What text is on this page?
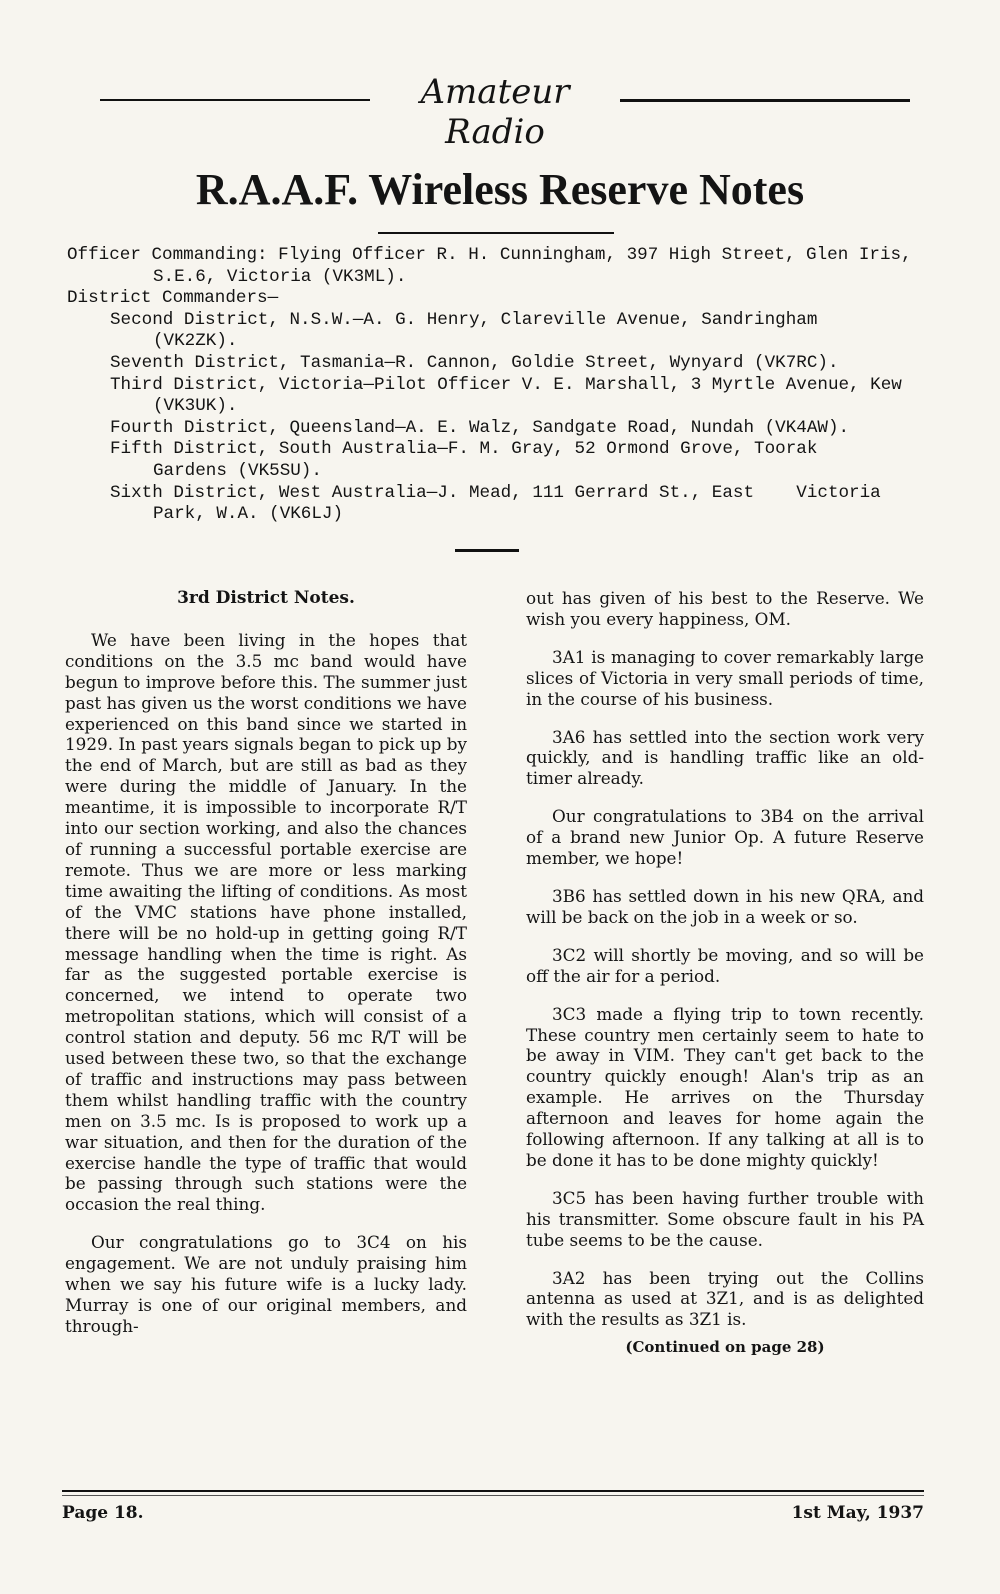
Amateur Radio
R.A.A.F. Wireless Reserve Notes
Officer Commanding: Flying Officer R. H. Cunningham, 397 High Street, Glen Iris,
S.E.6, Victoria (VK3ML).
District Commanders—
Second District, N.S.W.—A. G. Henry, Clareville Avenue, Sandringham
(VK2ZK).
Seventh District, Tasmania—R. Cannon, Goldie Street, Wynyard (VK7RC).
Third District, Victoria—Pilot Officer V. E. Marshall, 3 Myrtle Avenue, Kew
(VK3UK).
Fourth District, Queensland—A. E. Walz, Sandgate Road, Nundah (VK4AW).
Fifth District, South Australia—F. M. Gray, 52 Ormond Grove, Toorak
Gardens (VK5SU).
Sixth District, West Australia—J. Mead, 111 Gerrard St., East    Victoria
Park, W.A. (VK6LJ)
3rd District Notes.

We have been living in the hopes that conditions on the 3.5 mc band would have begun to improve before this. The summer just past has given us the worst conditions we have experienced on this band since we started in 1929. In past years signals began to pick up by the end of March, but are still as bad as they were during the middle of January. In the meantime, it is impossible to incorporate R/T into our section working, and also the chances of running a successful portable exercise are remote. Thus we are more or less marking time awaiting the lifting of conditions. As most of the VMC stations have phone installed, there will be no hold-up in getting going R/T message handling when the time is right. As far as the suggested portable exercise is concerned, we intend to operate two metropolitan stations, which will consist of a control station and deputy. 56 mc R/T will be used between these two, so that the exchange of traffic and instructions may pass between them whilst handling traffic with the country men on 3.5 mc. Is is proposed to work up a war situation, and then for the duration of the exercise handle the type of traffic that would be passing through such stations were the occasion the real thing.

Our congratulations go to 3C4 on his engagement. We are not unduly praising him when we say his future wife is a lucky lady. Murray is one of our original members, and through-

out has given of his best to the Reserve. We wish you every happiness, OM.

3A1 is managing to cover remarkably large slices of Victoria in very small periods of time, in the course of his business.

3A6 has settled into the section work very quickly, and is handling traffic like an old-timer already.

Our congratulations to 3B4 on the arrival of a brand new Junior Op. A future Reserve member, we hope!

3B6 has settled down in his new QRA, and will be back on the job in a week or so.

3C2 will shortly be moving, and so will be off the air for a period.

3C3 made a flying trip to town recently. These country men certainly seem to hate to be away in VIM. They can't get back to the country quickly enough! Alan's trip as an example. He arrives on the Thursday afternoon and leaves for home again the following afternoon. If any talking at all is to be done it has to be done mighty quickly!

3C5 has been having further trouble with his transmitter. Some obscure fault in his PA tube seems to be the cause.

3A2 has been trying out the Collins antenna as used at 3Z1, and is as delighted with the results as 3Z1 is.

(Continued on page 28)
Page 18.	1st May, 1937
